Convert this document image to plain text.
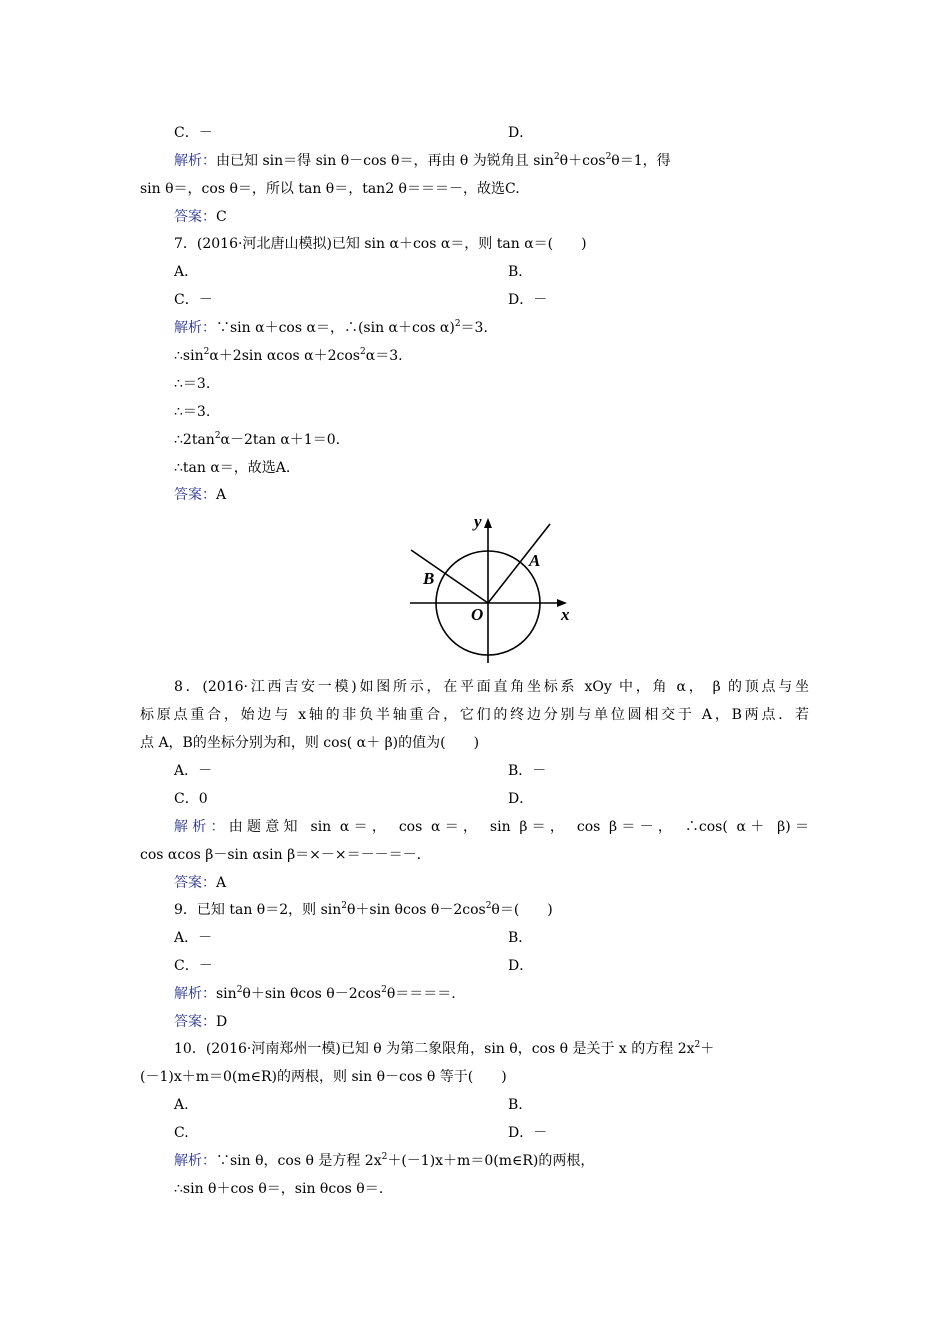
C．－	D．
解析：由已知 sin＝得 sin θ－cos θ＝，再由 θ 为锐角且 $\sin^2\theta+\cos^2\theta=1$，得
sin θ＝，cos θ＝，所以 tan θ＝，tan2 θ＝＝＝－，故选C.
答案：C
7．(2016·河北唐山模拟)已知 sin α＋cos α＝，则 tan α＝(　　)
A．	B．
C．－	D．－
解析：∵sin α＋cos α＝，∴(sin α＋cos α)$^2$＝3.
$\therefore\sin^2\alpha+2\sin$ αcos $\alpha+2\cos^2\alpha=3$.
∴＝3.
∴＝3.
$\therefore 2\tan^2\alpha-2\tan$ α＋1＝0.
∴tan α＝，故选A.
答案：A
y
x
O
A
B
8．(2016·江西吉安一模)如图所示，在平面直角坐标系 xOy 中，角 α， β 的顶点与坐
标原点重合，始边与 x轴的非负半轴重合，它们的终边分别与单位圆相交于 A，B两点．若
点 A，B的坐标分别为和，则 cos( α＋ β)的值为(　　)
A．－	B．－
C．0	D．
解析：由题意知 sin α＝， cos α＝， sin β＝， cos β＝－， ∴cos( α＋ β)＝
cos αcos β－sin αsin β＝×－×＝－－＝－.
答案：A
9．已知 tan θ＝2，则 $\sin^2\theta+\sin$ θcos $\theta-2\cos^2\theta=$(　　)
A．－	B．
C．－	D．
解析：$\sin^2\theta+\sin$ θcos $\theta-2\cos^2\theta====$.
答案：D
10．(2016·河南郑州一模)已知 θ 为第二象限角，sin θ，cos θ 是关于 x 的方程 $2x^2+$
(－1)x＋m＝0(m∈R)的两根，则 sin θ－cos θ 等于(　　)
A.	B.
C.	D．－
解析：∵sin θ，cos θ 是方程 $2x^2+(-1)x+m=0(m\in R)$的两根，
∴sin θ＋cos θ＝，sin θcos θ＝.
